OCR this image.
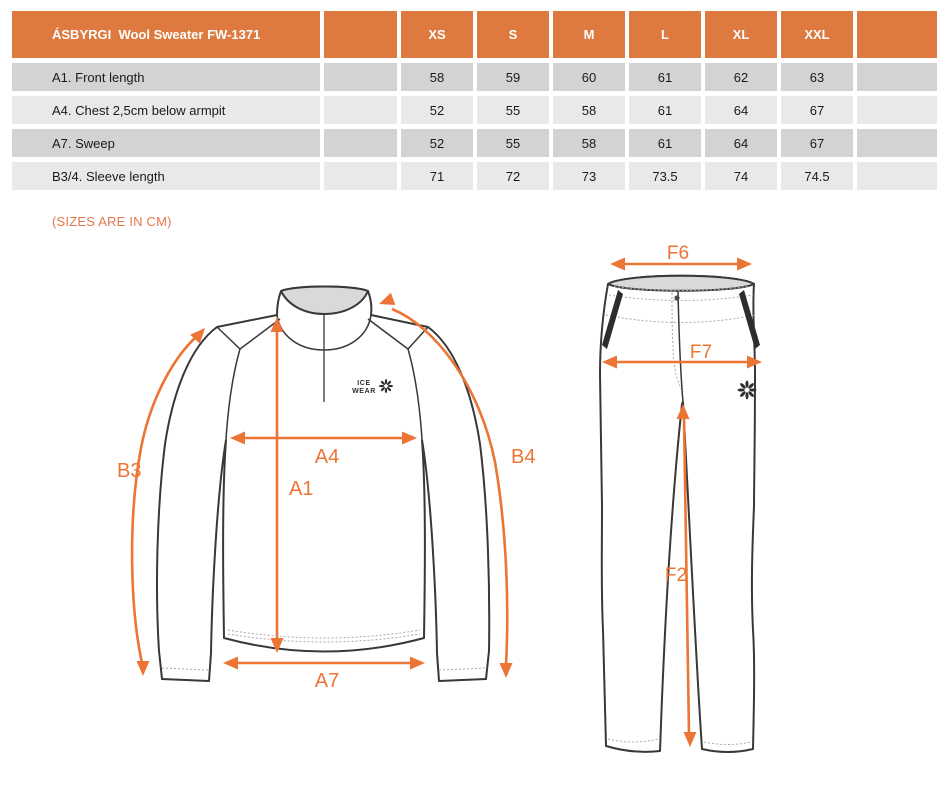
ÁSBYRGI  Wool Sweater FW-1371	XS	S	M	L	XL	XXL
A1. Front length	58	59	60	61	62	63
A4. Chest 2,5cm below armpit	52	55	58	61	64	67
A7. Sweep	52	55	58	61	64	67
B3/4. Sleeve length	71	72	73	73.5	74	74.5
(SIZES ARE IN CM)
ICE
WEAR
B3
A4
A1
B4
A7
F6
F7
F2
